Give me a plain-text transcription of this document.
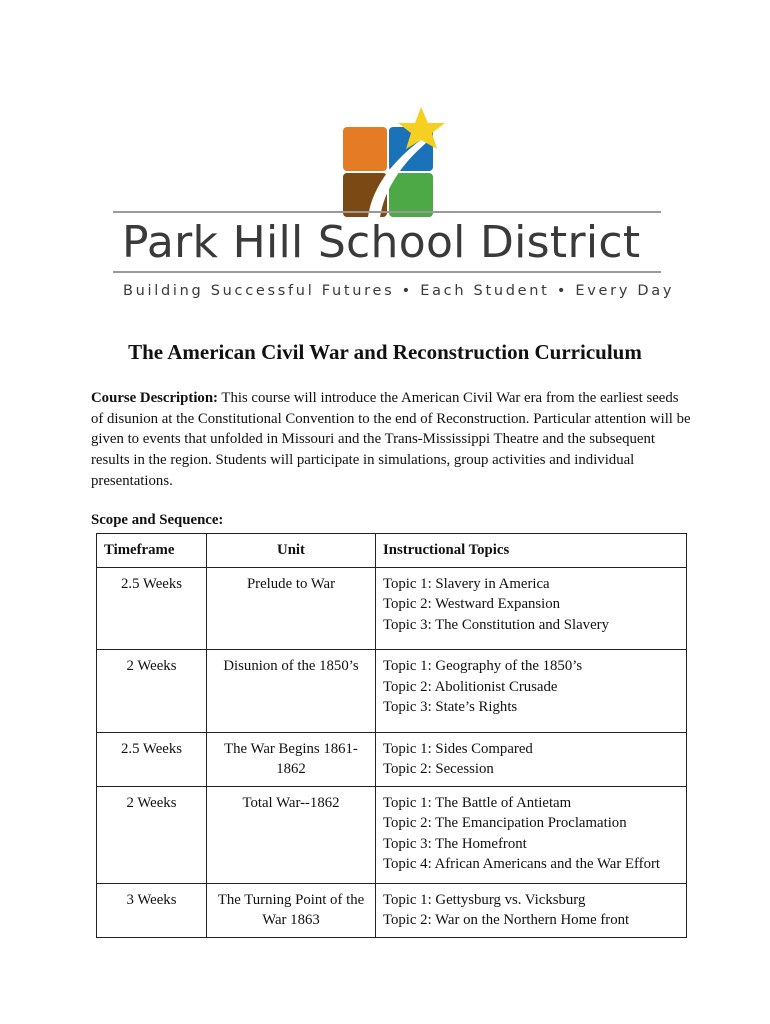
Park Hill School District
Building Successful Futures • Each Student • Every Day
The American Civil War and Reconstruction Curriculum
Course Description: This course will introduce the American Civil War era from the earliest seeds of disunion at the Constitutional Convention to the end of Reconstruction. Particular attention will be given to events that unfolded in Missouri and the Trans-Mississippi Theatre and the subsequent results in the region. Students will participate in simulations, group activities and individual presentations.
Scope and Sequence:
Timeframe	Unit	Instructional Topics
2.5 Weeks	Prelude to War	Topic 1: Slavery in America
Topic 2: Westward Expansion
Topic 3: The Constitution and Slavery

2 Weeks	Disunion of the 1850’s	Topic 1: Geography of the 1850’s
Topic 2: Abolitionist Crusade
Topic 3: State’s Rights

2.5 Weeks	The War Begins 1861-1862	Topic 1: Sides Compared
Topic 2: Secession

2 Weeks	Total War--1862	Topic 1: The Battle of Antietam
Topic 2: The Emancipation Proclamation
Topic 3: The Homefront
Topic 4: African Americans and the War Effort

3 Weeks	The Turning Point of the War 1863	Topic 1: Gettysburg vs. Vicksburg
Topic 2: War on the Northern Home front
